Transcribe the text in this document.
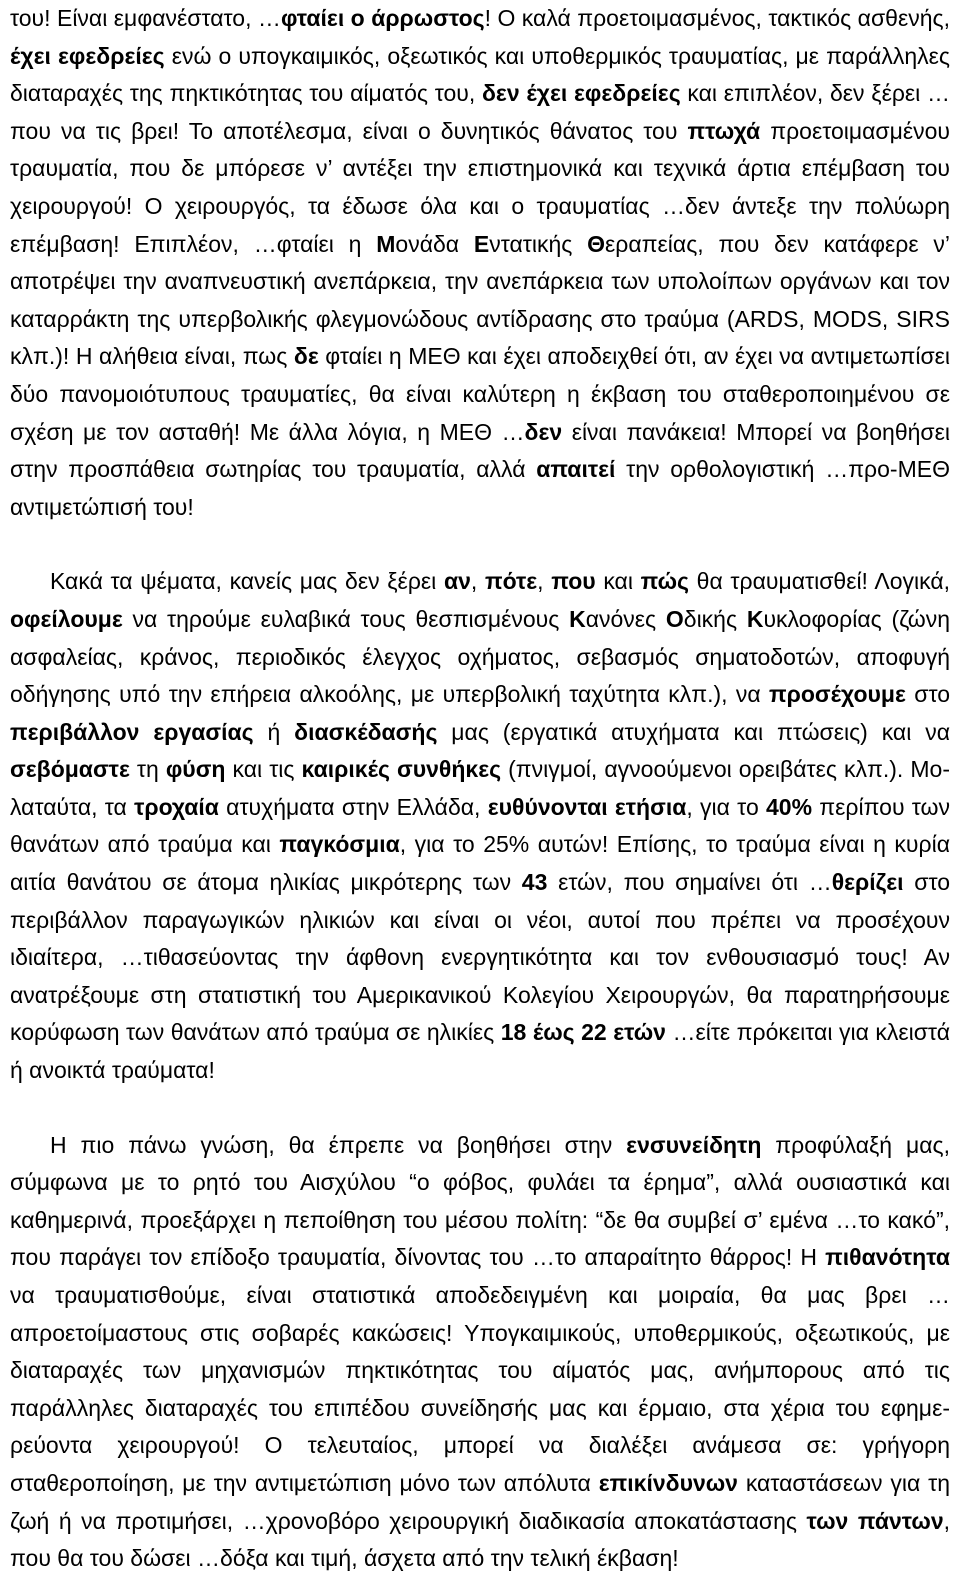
του! Είναι εμφανέστατο, …φταίει ο άρρωστος! Ο καλά προετοιμασμένος, τακτικός ασθενής, έχει εφεδρείες ενώ ο υπογκαιμικός, οξεωτικός και υποθερμικός τραυματίας, με παράλληλες διαταραχές της πηκτικότητας του αίματός του, δεν έχει εφεδρείες και επιπλέον, δεν ξέρει …που να τις βρει! Το αποτέλεσμα, είναι ο δυνητικός θάνατος του πτωχά προετοιμασμένου τραυματία, που δε μπόρεσε ν’ αντέξει την επιστημονικά και τεχνικά άρτια επέμβαση του χειρουργού! Ο χειρουργός, τα έδωσε όλα και ο τραυματίας …δεν άντεξε την πολύωρη επέμβαση! Επιπλέον, …φταίει η Μονάδα Εντατικής Θεραπείας, που δεν κατάφερε ν’ αποτρέψει την αναπνευστική ανεπάρκεια, την ανεπάρκεια των υπολοίπων οργάνων και τον καταρράκτη της υπερβολικής φλεγμονώδους αντίδρασης στο τραύμα (ARDS, MODS, SIRS κλπ.)! Η αλήθεια είναι, πως δε φταίει η ΜΕΘ και έχει αποδειχθεί ότι, αν έχει να αντιμετωπίσει δύο πανομοιότυπους τραυματίες, θα είναι καλύτερη η έκβαση του σταθεροποιημένου σε σχέση με τον ασταθή! Με άλλα λόγια, η ΜΕΘ …δεν είναι πανάκεια! Μπορεί να βοηθήσει στην προσπάθεια σωτηρίας του τραυματία, αλλά απαιτεί την ορθολογιστική …προ-ΜΕΘ αντιμετώπισή του!

Κακά τα ψέματα, κανείς μας δεν ξέρει αν, πότε, που και πώς θα τραυματισθεί! Λογικά, οφείλουμε να τηρούμε ευλαβικά τους θεσπισμένους Κανόνες Οδικής Κυκλοφορίας (ζώνη ασφαλείας, κράνος, περιοδικός έλεγχος οχήματος, σεβασμός σηματοδοτών, αποφυγή οδήγησης υπό την επήρεια αλκοόλης, με υπερβολική ταχύτητα κλπ.), να προσέχουμε στο περιβάλλον εργασίας ή διασκέδασής μας (εργατικά ατυχήματα και πτώσεις) και να σεβόμαστε τη φύση και τις καιρικές συνθήκες (πνιγμοί, αγνοούμενοι ορειβάτες κλπ.). Μολαταύτα, τα τροχαία ατυχήματα στην Ελλάδα, ευθύνονται ετήσια, για το 40% περίπου των θανάτων από τραύμα και παγκόσμια, για το 25% αυτών! Επίσης, το τραύμα είναι η κυρία αιτία θανάτου σε άτομα ηλικίας μικρότερης των 43 ετών, που σημαίνει ότι …θερίζει στο περιβάλλον παραγωγικών ηλικιών και είναι οι νέοι, αυτοί που πρέπει να προσέχουν ιδιαίτερα, …τιθασεύοντας την άφθονη ενεργητικότητα και τον ενθουσιασμό τους! Αν ανατρέξουμε στη στατιστική του Αμερικανικού Κολεγίου Χειρουργών, θα παρατηρήσουμε κορύφωση των θανάτων από τραύμα σε ηλικίες 18 έως 22 ετών …είτε πρόκειται για κλειστά ή ανοικτά τραύματα!

Η πιο πάνω γνώση, θα έπρεπε να βοηθήσει στην ενσυνείδητη προφύλαξή μας, σύμφωνα με το ρητό του Αισχύλου “ο φόβος, φυλάει τα έρημα”, αλλά ουσιαστικά και καθημερινά, προεξάρχει η πεποίθηση του μέσου πολίτη: “δε θα συμβεί σ’ εμένα …το κακό”, που παράγει τον επίδοξο τραυματία, δίνοντας του …το απαραίτητο θάρρος! Η πιθανότητα να τραυματισθούμε, είναι στατιστικά αποδεδειγμένη και μοιραία, θα μας βρει …απροετοίμαστους στις σοβαρές κακώσεις! Υπογκαιμικούς, υποθερμικούς, οξεωτικούς, με διαταραχές των μηχανισμών πηκτικότητας του αίματός μας, ανήμπορους από τις παράλληλες διαταραχές του επιπέδου συνείδησής μας και έρμαιο, στα χέρια του εφημερεύοντα χειρουργού! Ο τελευταίος, μπορεί να διαλέξει ανάμεσα σε: γρήγορη σταθεροποίηση, με την αντιμετώπιση μόνο των απόλυτα επικίνδυνων καταστάσεων για τη ζωή ή να προτιμήσει, …χρονοβόρο χειρουργική διαδικασία αποκατάστασης των πάντων, που θα του δώσει …δόξα και τιμή, άσχετα από την τελική έκβαση!
